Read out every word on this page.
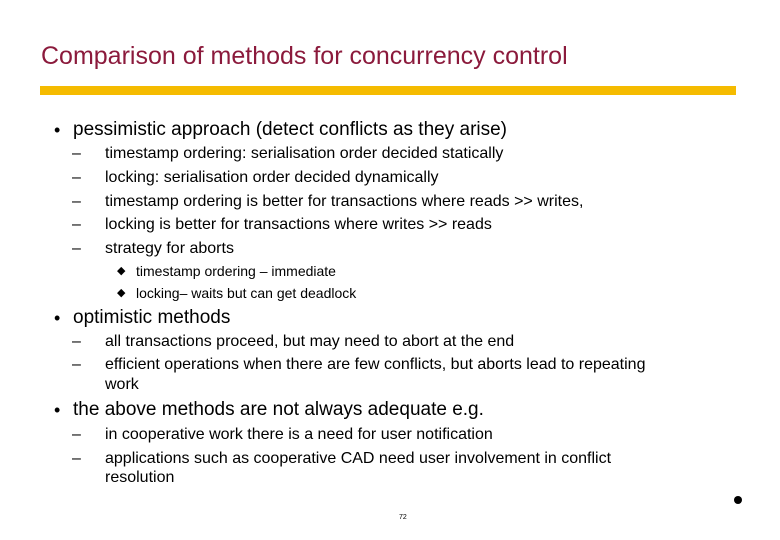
Comparison of methods for concurrency control
• pessimistic approach (detect conflicts as they arise)
– timestamp ordering: serialisation order decided statically
– locking: serialisation order decided dynamically
– timestamp ordering is better for transactions where reads >> writes,
– locking is better for transactions where writes >> reads
– strategy for aborts
◆ timestamp ordering – immediate
◆ locking– waits but can get deadlock
• optimistic methods
– all transactions proceed, but may need to abort at the end
– efficient operations when there are few conflicts, but aborts lead to repeating
work
• the above methods are not always adequate e.g.
– in cooperative work there is a need for user notification
– applications such as cooperative CAD need user involvement in conflict
resolution
72
